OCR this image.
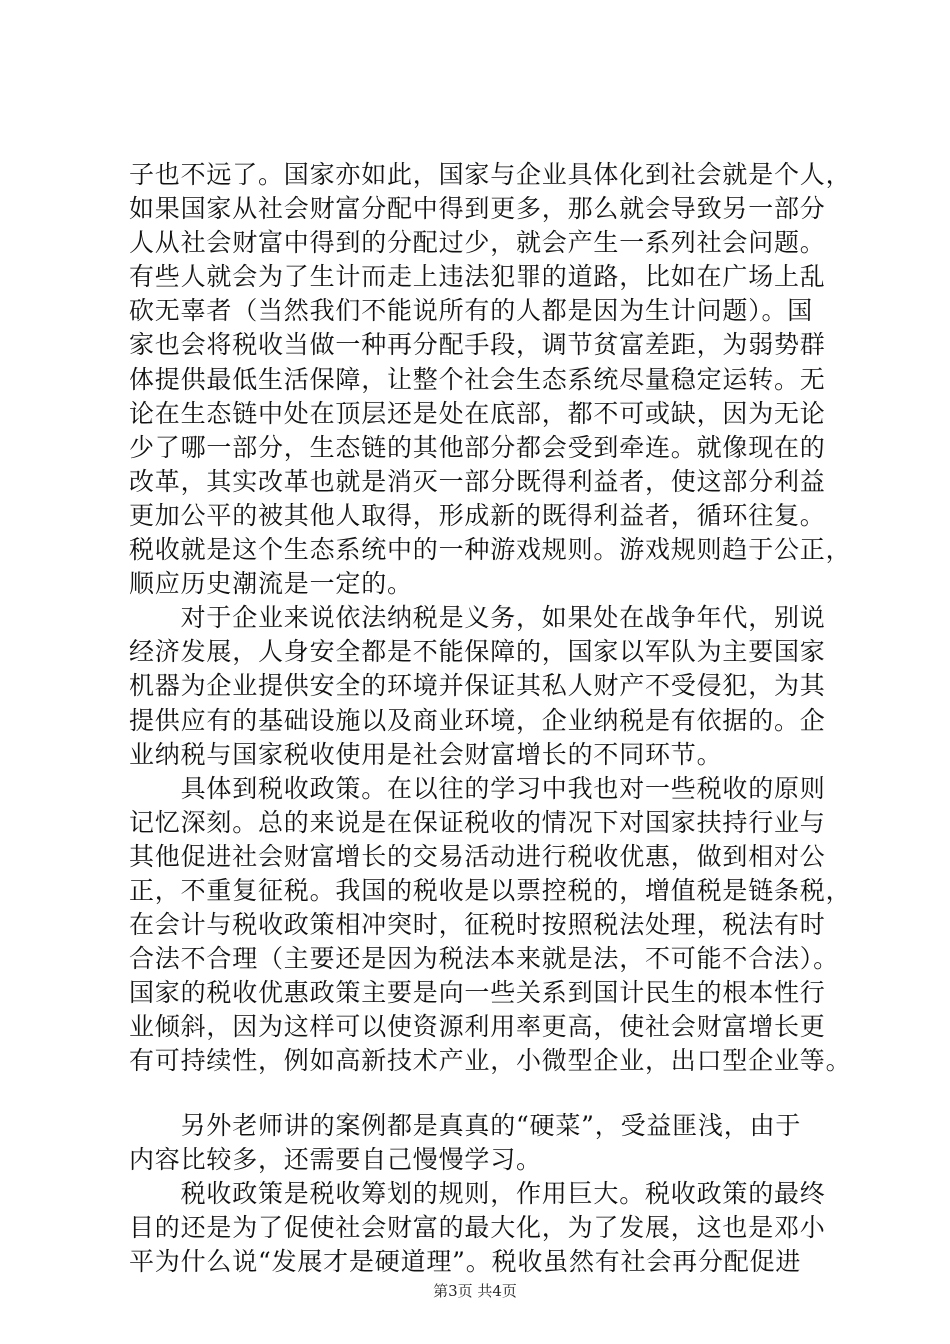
子也不远了。国家亦如此，国家与企业具体化到社会就是个人，
如果国家从社会财富分配中得到更多，那么就会导致另一部分
人从社会财富中得到的分配过少，就会产生一系列社会问题。
有些人就会为了生计而走上违法犯罪的道路，比如在广场上乱
砍无辜者（当然我们不能说所有的人都是因为生计问题）。国
家也会将税收当做一种再分配手段，调节贫富差距，为弱势群
体提供最低生活保障，让整个社会生态系统尽量稳定运转。无
论在生态链中处在顶层还是处在底部，都不可或缺，因为无论
少了哪一部分，生态链的其他部分都会受到牵连。就像现在的
改革，其实改革也就是消灭一部分既得利益者，使这部分利益
更加公平的被其他人取得，形成新的既得利益者，循环往复。
税收就是这个生态系统中的一种游戏规则。游戏规则趋于公正，
顺应历史潮流是一定的。
　　对于企业来说依法纳税是义务，如果处在战争年代，别说
经济发展，人身安全都是不能保障的，国家以军队为主要国家
机器为企业提供安全的环境并保证其私人财产不受侵犯，为其
提供应有的基础设施以及商业环境，企业纳税是有依据的。企
业纳税与国家税收使用是社会财富增长的不同环节。
　　具体到税收政策。在以往的学习中我也对一些税收的原则
记忆深刻。总的来说是在保证税收的情况下对国家扶持行业与
其他促进社会财富增长的交易活动进行税收优惠，做到相对公
正，不重复征税。我国的税收是以票控税的，增值税是链条税，
在会计与税收政策相冲突时，征税时按照税法处理，税法有时
合法不合理（主要还是因为税法本来就是法，不可能不合法）。
国家的税收优惠政策主要是向一些关系到国计民生的根本性行
业倾斜，因为这样可以使资源利用率更高，使社会财富增长更
有可持续性，例如高新技术产业，小微型企业，出口型企业等。
　　另外老师讲的案例都是真真的“硬菜”，受益匪浅，由于
内容比较多，还需要自己慢慢学习。
　　税收政策是税收筹划的规则，作用巨大。税收政策的最终
目的还是为了促使社会财富的最大化，为了发展，这也是邓小
平为什么说“发展才是硬道理”。税收虽然有社会再分配促进
第3页 共4页
